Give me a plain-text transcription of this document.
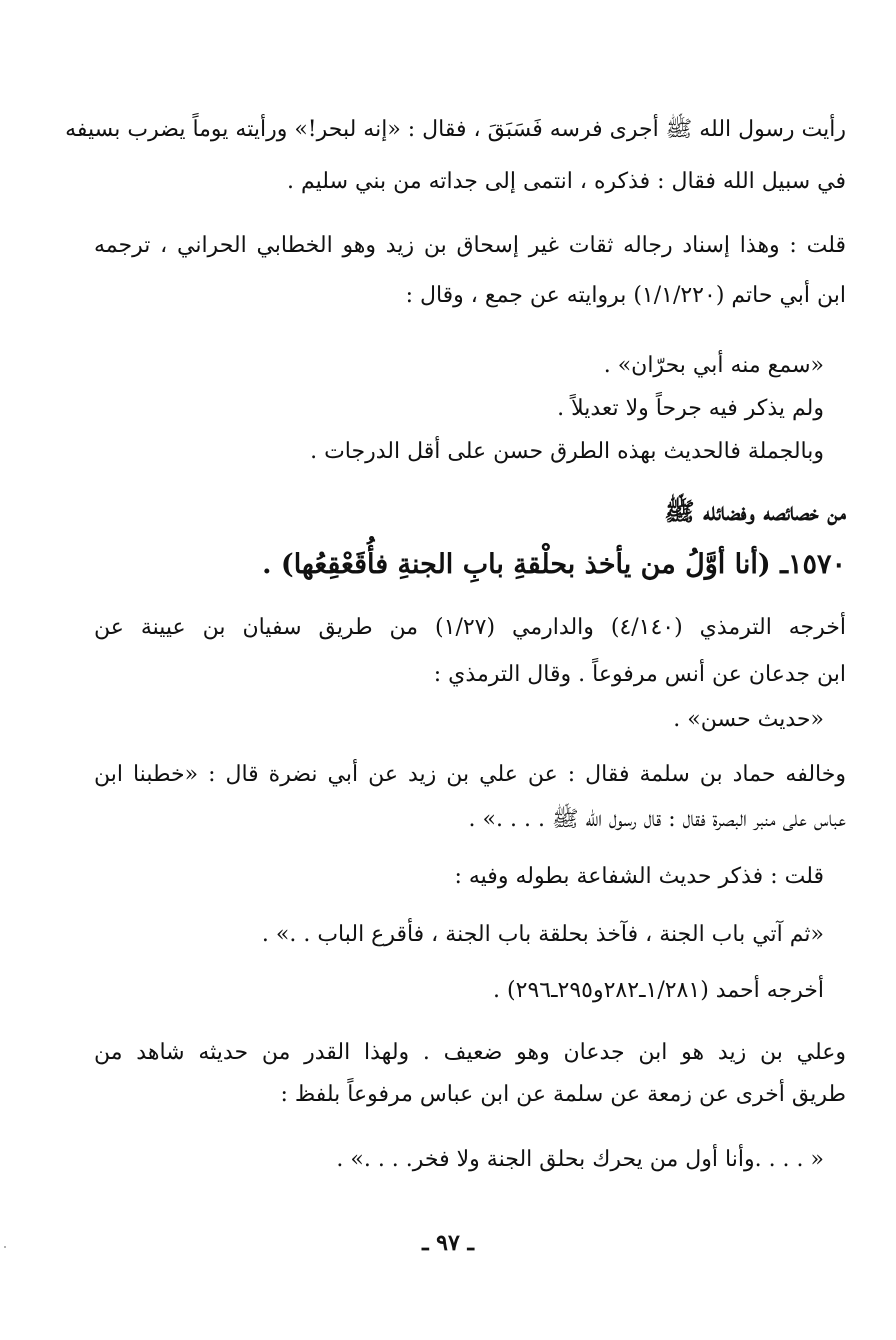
رأيت رسول الله ﷺ أجرى فرسه فَسَبَقَ ، فقال : «إنه لبحر!» ورأيته يوماً يضرب بسيفه
في سبيل الله فقال : فذكره ، انتمى إلى جداته من بني سليم .
قلت : وهذا إسناد رجاله ثقات غير إسحاق بن زيد وهو الخطابي الحراني ، ترجمه
ابن أبي حاتم (١/١/٢٢٠) بروايته عن جمع ، وقال :
«سمع منه أبي بحرّان» .
ولم يذكر فيه جرحاً ولا تعديلاً .
وبالجملة فالحديث بهذه الطرق حسن على أقل الدرجات .
من خصائصه وفضائله ﷺ
١٥٧٠ـ (أنا أوَّلُ من يأخذ بحلْقةِ بابِ الجنةِ فأُقَعْقِعُها) .
أخرجه الترمذي (٤/١٤٠) والدارمي (١/٢٧) من طريق سفيان بن عيينة عن
ابن جدعان عن أنس مرفوعاً . وقال الترمذي :
«حديث حسن» .
وخالفه حماد بن سلمة فقال : عن علي بن زيد عن أبي نضرة قال : «خطبنا ابن
عباس على منبر البصرة فقال : قال رسول الله ﷺ . . . .» .
قلت : فذكر حديث الشفاعة بطوله وفيه :
«ثم آتي باب الجنة ، فآخذ بحلقة باب الجنة ، فأقرع الباب . .» .
أخرجه أحمد (١/٢٨١ـ٢٨٢و٢٩٥ـ٢٩٦) .
وعلي بن زيد هو ابن جدعان وهو ضعيف . ولهذا القدر من حديثه شاهد من
طريق أخرى عن زمعة عن سلمة عن ابن عباس مرفوعاً بلفظ :
« . . . .وأنا أول من يحرك بحلق الجنة ولا فخر. . . .» .
ـ ٩٧ ـ
